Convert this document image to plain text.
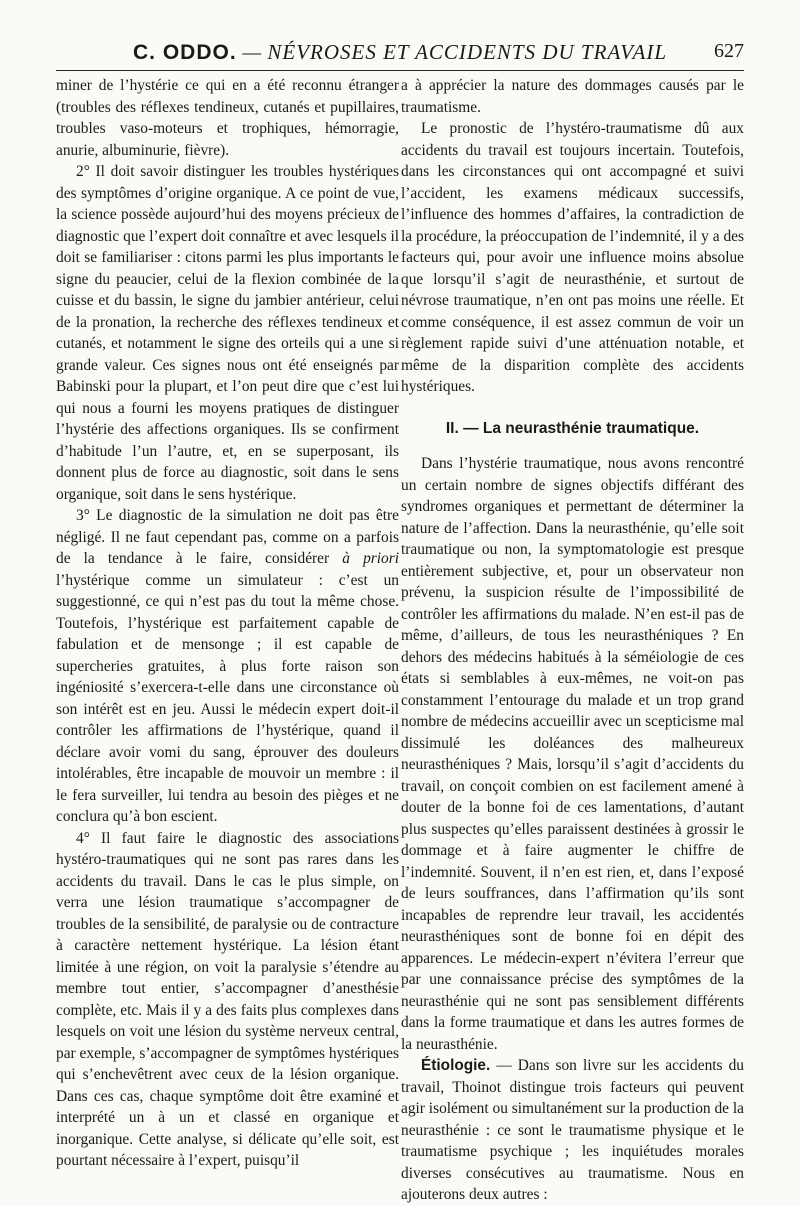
C. ODDO. — NÉVROSES ET ACCIDENTS DU TRAVAIL	627

miner de l’hystérie ce qui en a été reconnu étranger (troubles des réflexes tendineux, cutanés et pupillaires, troubles vaso-moteurs et trophiques, hémorragie, anurie, albuminurie, fièvre).

2° Il doit savoir distinguer les troubles hystériques des symptômes d’origine organique. A ce point de vue, la science possède aujourd’hui des moyens précieux de diagnostic que l’expert doit connaître et avec lesquels il doit se familiariser : citons parmi les plus importants le signe du peaucier, celui de la flexion combinée de la cuisse et du bassin, le signe du jambier antérieur, celui de la pronation, la recherche des réflexes tendineux et cutanés, et notamment le signe des orteils qui a une si grande valeur. Ces signes nous ont été enseignés par Babinski pour la plupart, et l’on peut dire que c’est lui qui nous a fourni les moyens pratiques de distinguer l’hystérie des affections organiques. Ils se confirment d’habitude l’un l’autre, et, en se superposant, ils donnent plus de force au diagnostic, soit dans le sens organique, soit dans le sens hystérique.

3° Le diagnostic de la simulation ne doit pas être négligé. Il ne faut cependant pas, comme on a parfois de la tendance à le faire, considérer à priori l’hystérique comme un simulateur : c’est un suggestionné, ce qui n’est pas du tout la même chose. Toutefois, l’hystérique est parfaitement capable de fabulation et de mensonge ; il est capable de supercheries gratuites, à plus forte raison son ingéniosité s’exercera-t-elle dans une circonstance où son intérêt est en jeu. Aussi le médecin expert doit-il contrôler les affirmations de l’hystérique, quand il déclare avoir vomi du sang, éprouver des douleurs intolérables, être incapable de mouvoir un membre : il le fera surveiller, lui tendra au besoin des pièges et ne conclura qu’à bon escient.

4° Il faut faire le diagnostic des associations hystéro-traumatiques qui ne sont pas rares dans les accidents du travail. Dans le cas le plus simple, on verra une lésion traumatique s’accompagner de troubles de la sensibilité, de paralysie ou de contracture à caractère nettement hystérique. La lésion étant limitée à une région, on voit la paralysie s’étendre au membre tout entier, s’accompagner d’anesthésie complète, etc. Mais il y a des faits plus complexes dans lesquels on voit une lésion du système nerveux central, par exemple, s’accompagner de symptômes hystériques qui s’enchevêtrent avec ceux de la lésion organique. Dans ces cas, chaque symptôme doit être examiné et interprété un à un et classé en organique et inorganique. Cette analyse, si délicate qu’elle soit, est pourtant nécessaire à l’expert, puisqu’il

a à apprécier la nature des dommages causés par le traumatisme.

Le pronostic de l’hystéro-traumatisme dû aux accidents du travail est toujours incertain. Toutefois, dans les circonstances qui ont accompagné et suivi l’accident, les examens médicaux successifs, l’influence des hommes d’affaires, la contradiction de la procédure, la préoccupation de l’indemnité, il y a des facteurs qui, pour avoir une influence moins absolue que lorsqu’il s’agit de neurasthénie, et surtout de névrose traumatique, n’en ont pas moins une réelle. Et comme conséquence, il est assez commun de voir un règlement rapide suivi d’une atténuation notable, et même de la disparition complète des accidents hystériques.

II. — La neurasthénie traumatique.

Dans l’hystérie traumatique, nous avons rencontré un certain nombre de signes objectifs différant des syndromes organiques et permettant de déterminer la nature de l’affection. Dans la neurasthénie, qu’elle soit traumatique ou non, la symptomatologie est presque entièrement subjective, et, pour un observateur non prévenu, la suspicion résulte de l’impossibilité de contrôler les affirmations du malade. N’en est-il pas de même, d’ailleurs, de tous les neurasthéniques ? En dehors des médecins habitués à la séméiologie de ces états si semblables à eux-mêmes, ne voit-on pas constamment l’entourage du malade et un trop grand nombre de médecins accueillir avec un scepticisme mal dissimulé les doléances des malheureux neurasthéniques ? Mais, lorsqu’il s’agit d’accidents du travail, on conçoit combien on est facilement amené à douter de la bonne foi de ces lamentations, d’autant plus suspectes qu’elles paraissent destinées à grossir le dommage et à faire augmenter le chiffre de l’indemnité. Souvent, il n’en est rien, et, dans l’exposé de leurs souffrances, dans l’affirmation qu’ils sont incapables de reprendre leur travail, les accidentés neurasthéniques sont de bonne foi en dépit des apparences. Le médecin-expert n’évitera l’erreur que par une connaissance précise des symptômes de la neurasthénie qui ne sont pas sensiblement différents dans la forme traumatique et dans les autres formes de la neurasthénie.

Étiologie. — Dans son livre sur les accidents du travail, Thoinot distingue trois facteurs qui peuvent agir isolément ou simultanément sur la production de la neurasthénie : ce sont le traumatisme physique et le traumatisme psychique ; les inquiétudes morales diverses consécutives au traumatisme. Nous en ajouterons deux autres :
